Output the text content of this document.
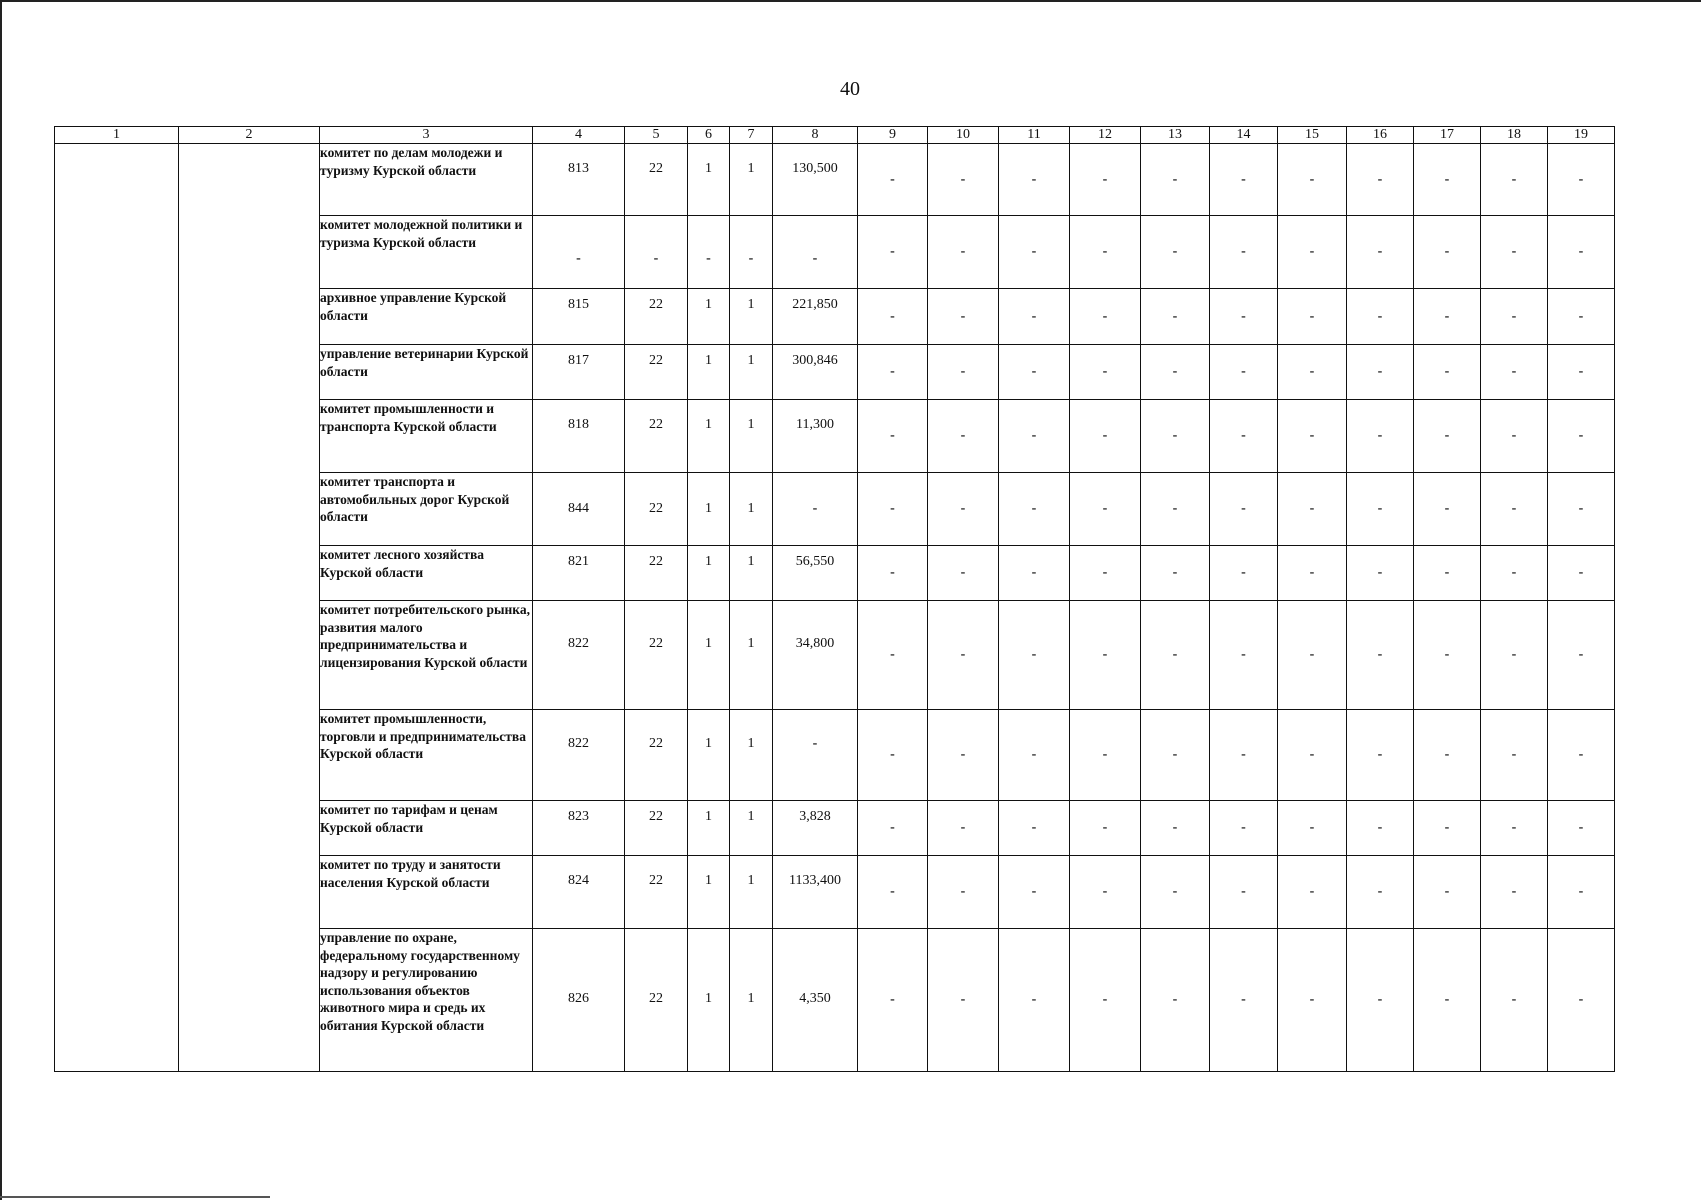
40
1	2	3	4	5	6	7	8	9	10	11	12	13	14	15	16	17	18	19
		комитет по делам молодежи и туризму Курской области	813	22	1	1	130,500	-	-	-	-	-	-	-	-	-	-	-
		комитет молодежной политики и туризма Курской области	-	-	-	-	-	-	-	-	-	-	-	-	-	-	-	-
		архивное управление Курской области	815	22	1	1	221,850	-	-	-	-	-	-	-	-	-	-	-
		управление ветеринарии Курской области	817	22	1	1	300,846	-	-	-	-	-	-	-	-	-	-	-
		комитет промышленности и транспорта Курской области	818	22	1	1	11,300	-	-	-	-	-	-	-	-	-	-	-
		комитет транспорта и автомобильных дорог Курской области	844	22	1	1	-	-	-	-	-	-	-	-	-	-	-	-
		комитет лесного хозяйства Курской области	821	22	1	1	56,550	-	-	-	-	-	-	-	-	-	-	-
		комитет потребительского рынка, развития малого предпринимательства и лицензирования Курской области	822	22	1	1	34,800	-	-	-	-	-	-	-	-	-	-	-
		комитет промышленности, торговли и предпринимательства Курской области	822	22	1	1	-	-	-	-	-	-	-	-	-	-	-	-
		комитет по тарифам и ценам Курской области	823	22	1	1	3,828	-	-	-	-	-	-	-	-	-	-	-
		комитет по труду и занятости населения Курской области	824	22	1	1	1133,400	-	-	-	-	-	-	-	-	-	-	-
		управление по охране, федеральному государственному надзору и регулированию использования объектов животного мира и средь их обитания Курской области	826	22	1	1	4,350	-	-	-	-	-	-	-	-	-	-	-
